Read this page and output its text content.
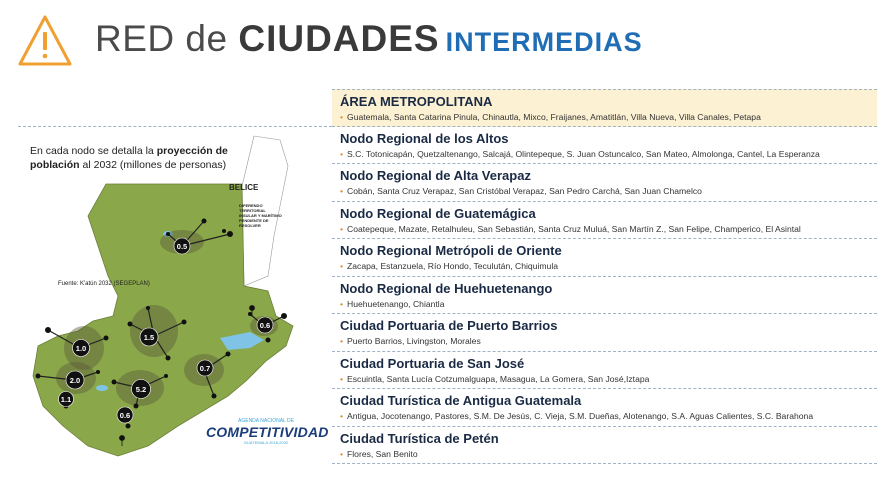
RED de CIUDADES INTERMEDIAS
0.5
0.6
1.5
1.0
0.7
2.0
5.2
1.1
0.6
En cada nodo se detalla la proyección de población al 2032 (millones de personas)
BELICE
DIFERENDO TERRITORIAL INSULAR Y MARÍTIMO PENDIENTE DE RESOLVER
Fuente: K'atún 2032 (SEGEPLAN)
AGENDA NACIONAL DE
COMPETITIVIDAD
GUATEMALA 2018-2032
ÁREA METROPOLITANA
• Guatemala, Santa Catarina Pinula, Chinautla, Mixco, Fraijanes, Amatitlán, Villa Nueva, Villa Canales, Petapa
Nodo Regional de los Altos
• S.C. Totonicapán, Quetzaltenango, Salcajá, Olintepeque, S. Juan Ostuncalco, San Mateo, Almolonga, Cantel, La Esperanza
Nodo Regional de Alta Verapaz
• Cobán, Santa Cruz Verapaz, San Cristóbal Verapaz, San Pedro Carchá, San Juan Chamelco
Nodo Regional de Guatemágica
• Coatepeque, Mazate, Retalhuleu, San Sebastián, Santa Cruz Muluá, San Martín Z., San Felipe, Champerico, El Asintal
Nodo Regional Metrópoli de Oriente
• Zacapa, Estanzuela, Río Hondo, Teculután, Chiquimula
Nodo Regional de Huehuetenango
• Huehuetenango, Chiantla
Ciudad Portuaria de Puerto Barrios
• Puerto Barrios, Livingston, Morales
Ciudad Portuaria de San José
• Escuintla, Santa Lucía Cotzumalguapa, Masagua, La Gomera, San José,Iztapa
Ciudad Turística de Antigua Guatemala
• Antigua, Jocotenango, Pastores, S.M. De Jesús, C. Vieja, S.M. Dueñas, Alotenango, S.A. Aguas Calientes, S.C. Barahona
Ciudad Turística de Petén
• Flores, San Benito
